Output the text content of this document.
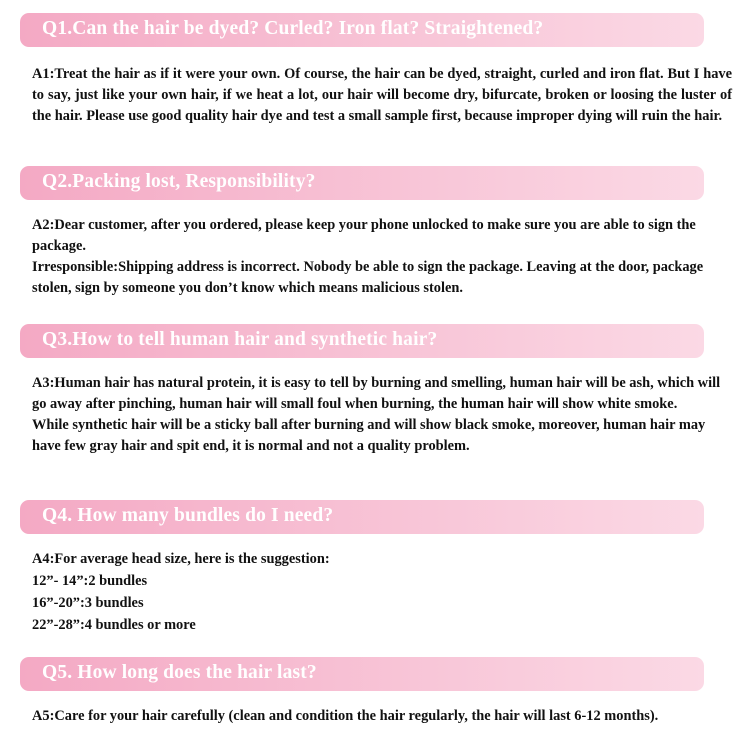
Q1.Can the hair be dyed? Curled? Iron flat? Straightened?

A1:Treat the hair as if it were your own. Of course, the hair can be dyed, straight, curled and iron flat. But I have to say, just like your own hair, if we heat a lot, our hair will become dry, bifurcate, broken or loosing the luster of the hair. Please use good quality hair dye and test a small sample first, because improper dying will ruin the hair.

Q2.Packing lost, Responsibility?

A2:Dear customer, after you ordered, please keep your phone unlocked to make sure you are able to sign the package.

Irresponsible:Shipping address is incorrect. Nobody be able to sign the package. Leaving at the door, package stolen, sign by someone you don’t know which means malicious stolen.

Q3.How to tell human hair and synthetic hair?

A3:Human hair has natural protein, it is easy to tell by burning and smelling, human hair will be ash, which will go away after pinching, human hair will small foul when burning, the human hair will show white smoke.

While synthetic hair will be a sticky ball after burning and will show black smoke, moreover, human hair may have few gray hair and spit end, it is normal and not a quality problem.

Q4. How many bundles do I need?

A4:For average head size, here is the suggestion:

12”- 14”:2 bundles

16”-20”:3 bundles

22”-28”:4 bundles or more

Q5. How long does the hair last?

A5:Care for your hair carefully (clean and condition the hair regularly, the hair will last 6-12 months).
